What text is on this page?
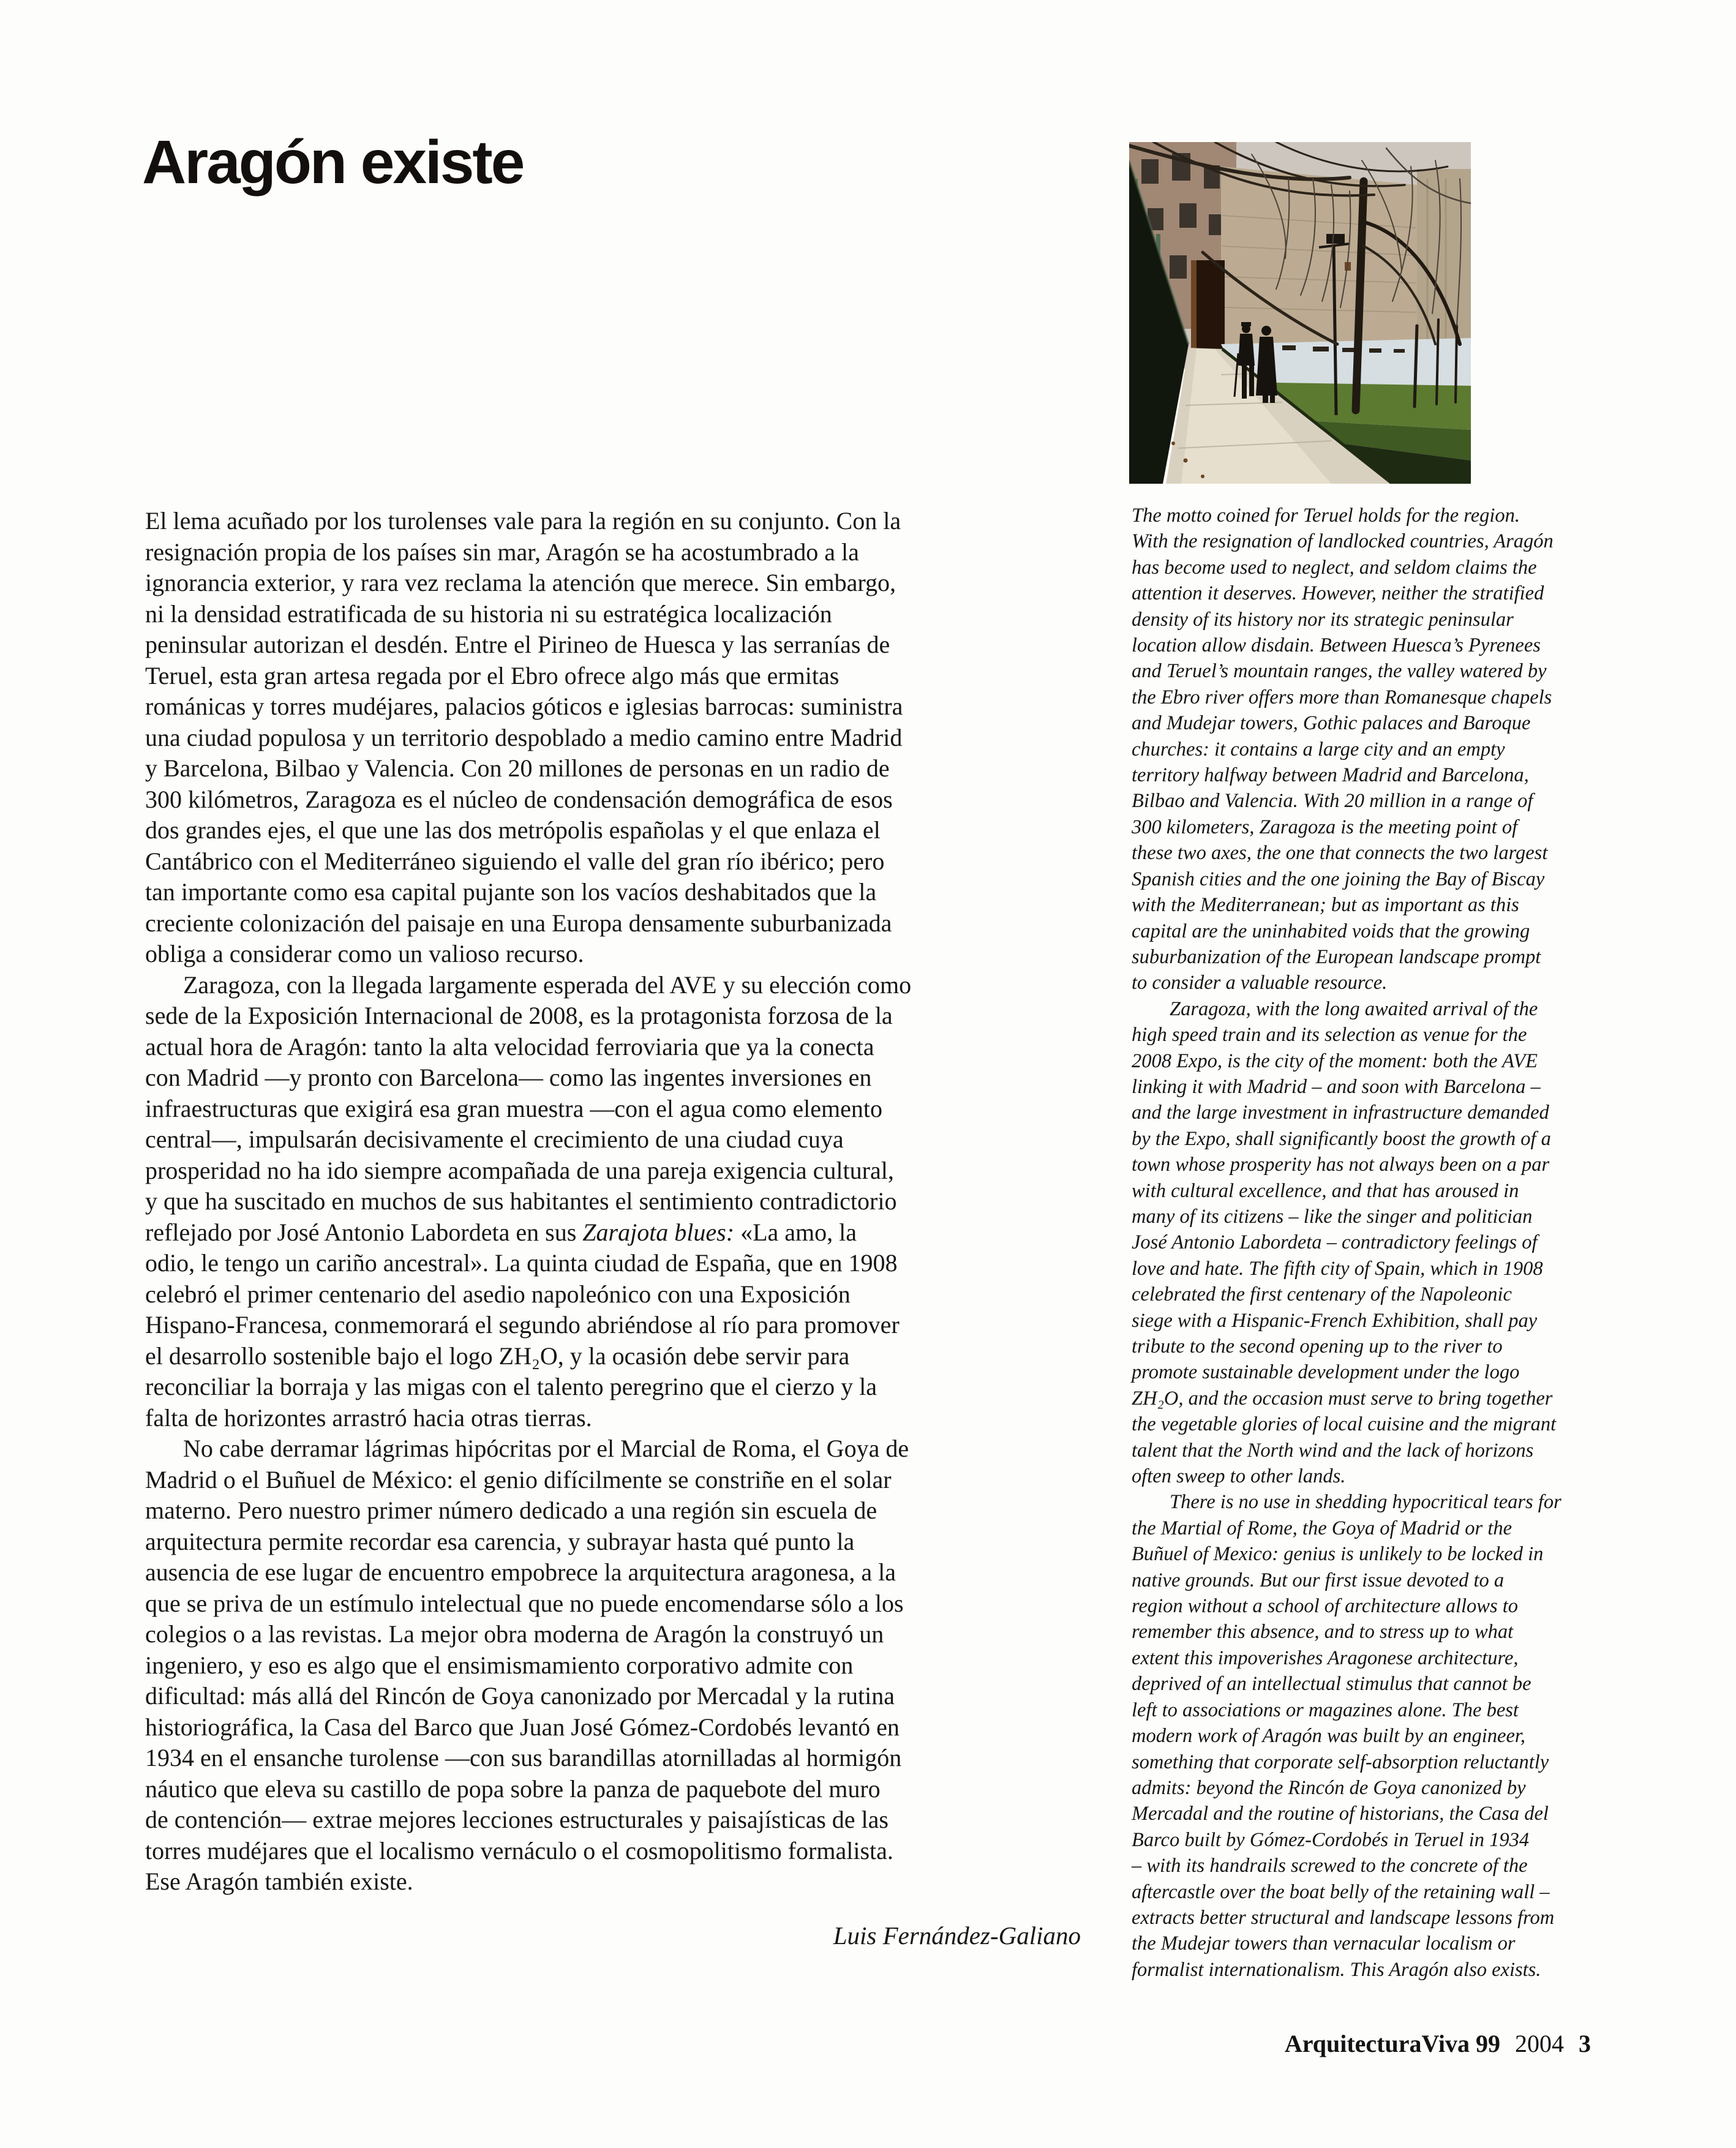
Aragón existe
El lema acuñado por los turolenses vale para la región en su conjunto. Con la
resignación propia de los países sin mar, Aragón se ha acostumbrado a la
ignorancia exterior, y rara vez reclama la atención que merece. Sin embargo,
ni la densidad estratificada de su historia ni su estratégica localización
peninsular autorizan el desdén. Entre el Pirineo de Huesca y las serranías de
Teruel, esta gran artesa regada por el Ebro ofrece algo más que ermitas
románicas y torres mudéjares, palacios góticos e iglesias barrocas: suministra
una ciudad populosa y un territorio despoblado a medio camino entre Madrid
y Barcelona, Bilbao y Valencia. Con 20 millones de personas en un radio de
300 kilómetros, Zaragoza es el núcleo de condensación demográfica de esos
dos grandes ejes, el que une las dos metrópolis españolas y el que enlaza el
Cantábrico con el Mediterráneo siguiendo el valle del gran río ibérico; pero
tan importante como esa capital pujante son los vacíos deshabitados que la
creciente colonización del paisaje en una Europa densamente suburbanizada
obliga a considerar como un valioso recurso.
Zaragoza, con la llegada largamente esperada del AVE y su elección como
sede de la Exposición Internacional de 2008, es la protagonista forzosa de la
actual hora de Aragón: tanto la alta velocidad ferroviaria que ya la conecta
con Madrid —y pronto con Barcelona— como las ingentes inversiones en
infraestructuras que exigirá esa gran muestra —con el agua como elemento
central—, impulsarán decisivamente el crecimiento de una ciudad cuya
prosperidad no ha ido siempre acompañada de una pareja exigencia cultural,
y que ha suscitado en muchos de sus habitantes el sentimiento contradictorio
reflejado por José Antonio Labordeta en sus Zarajota blues: «La amo, la
odio, le tengo un cariño ancestral». La quinta ciudad de España, que en 1908
celebró el primer centenario del asedio napoleónico con una Exposición
Hispano-Francesa, conmemorará el segundo abriéndose al río para promover
el desarrollo sostenible bajo el logo ZH₂O, y la ocasión debe servir para
reconciliar la borraja y las migas con el talento peregrino que el cierzo y la
falta de horizontes arrastró hacia otras tierras.
No cabe derramar lágrimas hipócritas por el Marcial de Roma, el Goya de
Madrid o el Buñuel de México: el genio difícilmente se constriñe en el solar
materno. Pero nuestro primer número dedicado a una región sin escuela de
arquitectura permite recordar esa carencia, y subrayar hasta qué punto la
ausencia de ese lugar de encuentro empobrece la arquitectura aragonesa, a la
que se priva de un estímulo intelectual que no puede encomendarse sólo a los
colegios o a las revistas. La mejor obra moderna de Aragón la construyó un
ingeniero, y eso es algo que el ensimismamiento corporativo admite con
dificultad: más allá del Rincón de Goya canonizado por Mercadal y la rutina
historiográfica, la Casa del Barco que Juan José Gómez-Cordobés levantó en
1934 en el ensanche turolense —con sus barandillas atornilladas al hormigón
náutico que eleva su castillo de popa sobre la panza de paquebote del muro
de contención— extrae mejores lecciones estructurales y paisajísticas de las
torres mudéjares que el localismo vernáculo o el cosmopolitismo formalista.
Ese Aragón también existe.
Luis Fernández-Galiano
The motto coined for Teruel holds for the region.
With the resignation of landlocked countries, Aragón
has become used to neglect, and seldom claims the
attention it deserves. However, neither the stratified
density of its history nor its strategic peninsular
location allow disdain. Between Huesca’s Pyrenees
and Teruel’s mountain ranges, the valley watered by
the Ebro river offers more than Romanesque chapels
and Mudejar towers, Gothic palaces and Baroque
churches: it contains a large city and an empty
territory halfway between Madrid and Barcelona,
Bilbao and Valencia. With 20 million in a range of
300 kilometers, Zaragoza is the meeting point of
these two axes, the one that connects the two largest
Spanish cities and the one joining the Bay of Biscay
with the Mediterranean; but as important as this
capital are the uninhabited voids that the growing
suburbanization of the European landscape prompt
to consider a valuable resource.
Zaragoza, with the long awaited arrival of the
high speed train and its selection as venue for the
2008 Expo, is the city of the moment: both the AVE
linking it with Madrid – and soon with Barcelona –
and the large investment in infrastructure demanded
by the Expo, shall significantly boost the growth of a
town whose prosperity has not always been on a par
with cultural excellence, and that has aroused in
many of its citizens – like the singer and politician
José Antonio Labordeta – contradictory feelings of
love and hate. The fifth city of Spain, which in 1908
celebrated the first centenary of the Napoleonic
siege with a Hispanic-French Exhibition, shall pay
tribute to the second opening up to the river to
promote sustainable development under the logo
ZH₂O, and the occasion must serve to bring together
the vegetable glories of local cuisine and the migrant
talent that the North wind and the lack of horizons
often sweep to other lands.
There is no use in shedding hypocritical tears for
the Martial of Rome, the Goya of Madrid or the
Buñuel of Mexico: genius is unlikely to be locked in
native grounds. But our first issue devoted to a
region without a school of architecture allows to
remember this absence, and to stress up to what
extent this impoverishes Aragonese architecture,
deprived of an intellectual stimulus that cannot be
left to associations or magazines alone. The best
modern work of Aragón was built by an engineer,
something that corporate self-absorption reluctantly
admits: beyond the Rincón de Goya canonized by
Mercadal and the routine of historians, the Casa del
Barco built by Gómez-Cordobés in Teruel in 1934
– with its handrails screwed to the concrete of the
aftercastle over the boat belly of the retaining wall –
extracts better structural and landscape lessons from
the Mudejar towers than vernacular localism or
formalist internationalism. This Aragón also exists.
ArquitecturaViva 99 2004 3
